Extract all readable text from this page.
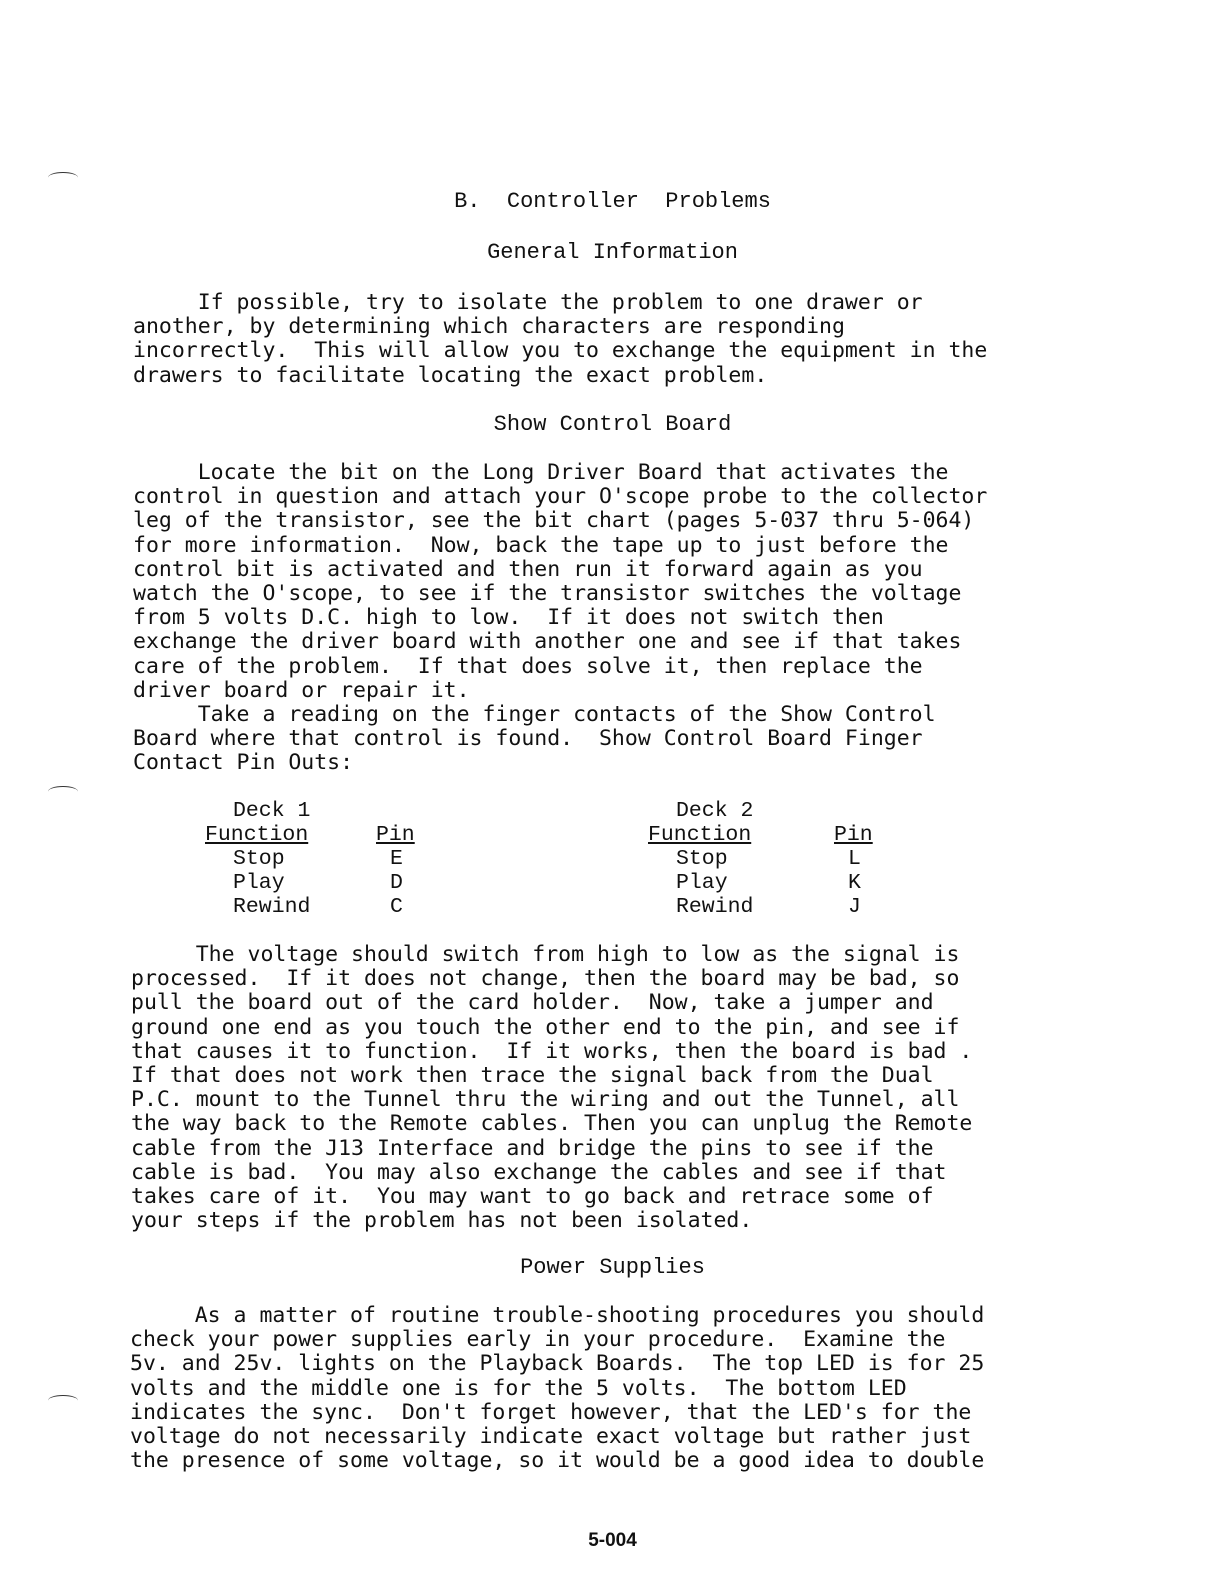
B.  Controller  Problems
General Information
If possible, try to isolate the problem to one drawer or
another, by determining which characters are responding
incorrectly.  This will allow you to exchange the equipment in the
drawers to facilitate locating the exact problem.
Show Control Board
Locate the bit on the Long Driver Board that activates the
control in question and attach your O'scope probe to the collector
leg of the transistor, see the bit chart (pages 5-037 thru 5-064)
for more information.  Now, back the tape up to just before the
control bit is activated and then run it forward again as you
watch the O'scope, to see if the transistor switches the voltage
from 5 volts D.C. high to low.  If it does not switch then
exchange the driver board with another one and see if that takes
care of the problem.  If that does solve it, then replace the
driver board or repair it.
Take a reading on the finger contacts of the Show Control
Board where that control is found.  Show Control Board Finger
Contact Pin Outs:
Deck 1
Function	Pin
Stop	E
Play	D
Rewind	C
Deck 2
Function	Pin
Stop	L
Play	K
Rewind	J
The voltage should switch from high to low as the signal is
processed.  If it does not change, then the board may be bad, so
pull the board out of the card holder.  Now, take a jumper and
ground one end as you touch the other end to the pin, and see if
that causes it to function.  If it works, then the board is bad .
If that does not work then trace the signal back from the Dual
P.C. mount to the Tunnel thru the wiring and out the Tunnel, all
the way back to the Remote cables. Then you can unplug the Remote
cable from the J13 Interface and bridge the pins to see if the
cable is bad.  You may also exchange the cables and see if that
takes care of it.  You may want to go back and retrace some of
your steps if the problem has not been isolated.
Power Supplies
As a matter of routine trouble-shooting procedures you should
check your power supplies early in your procedure.  Examine the
5v. and 25v. lights on the Playback Boards.  The top LED is for 25
volts and the middle one is for the 5 volts.  The bottom LED
indicates the sync.  Don't forget however, that the LED's for the
voltage do not necessarily indicate exact voltage but rather just
the presence of some voltage, so it would be a good idea to double
5-004
